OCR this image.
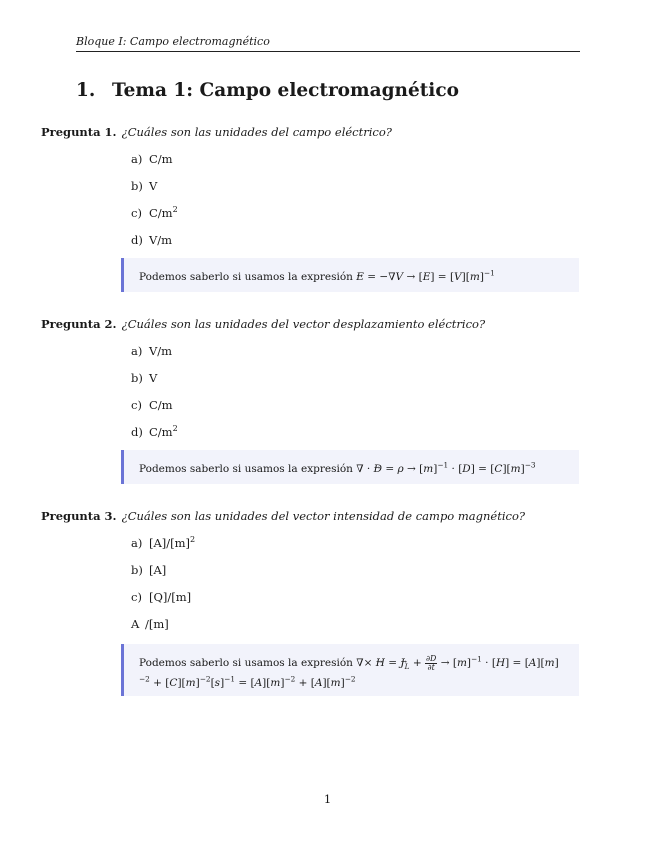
Bloque I: Campo electromagnético
1. Tema 1: Campo electromagnético
Pregunta 1. ¿Cuáles son las unidades del campo eléctrico?
a) C/m
b) V
c) $C/m^2$
d) V/m
Podemos saberlo si usamos la expresión → $E = -\nabla V \to [E] = [V][m]^{-1}$
Pregunta 2. ¿Cuáles son las unidades del vector desplazamiento eléctrico?
a) V/m
b) V
c) C/m
d) $C/m^2$
Podemos saberlo si usamos la expresión ∇ · → $D = \rho \to [m]^{-1} \cdot [D] = [C][m]^{-3}$
Pregunta 3. ¿Cuáles son las unidades del vector intensidad de campo magnético?
a) $[A]/[m]^2$
b) [A]
c) [Q]/[m]
A /[m]
Podemos saberlo si usamos la expresión ∇× → H = → $J_L + \frac{\partial D}{\partial t} \to [m]^{-1} \cdot [H] = [A][m]^{-2} + [C][m]^{-2}[s]^{-1} = [A][m]^{-2} + [A][m]^{-2}$
1
